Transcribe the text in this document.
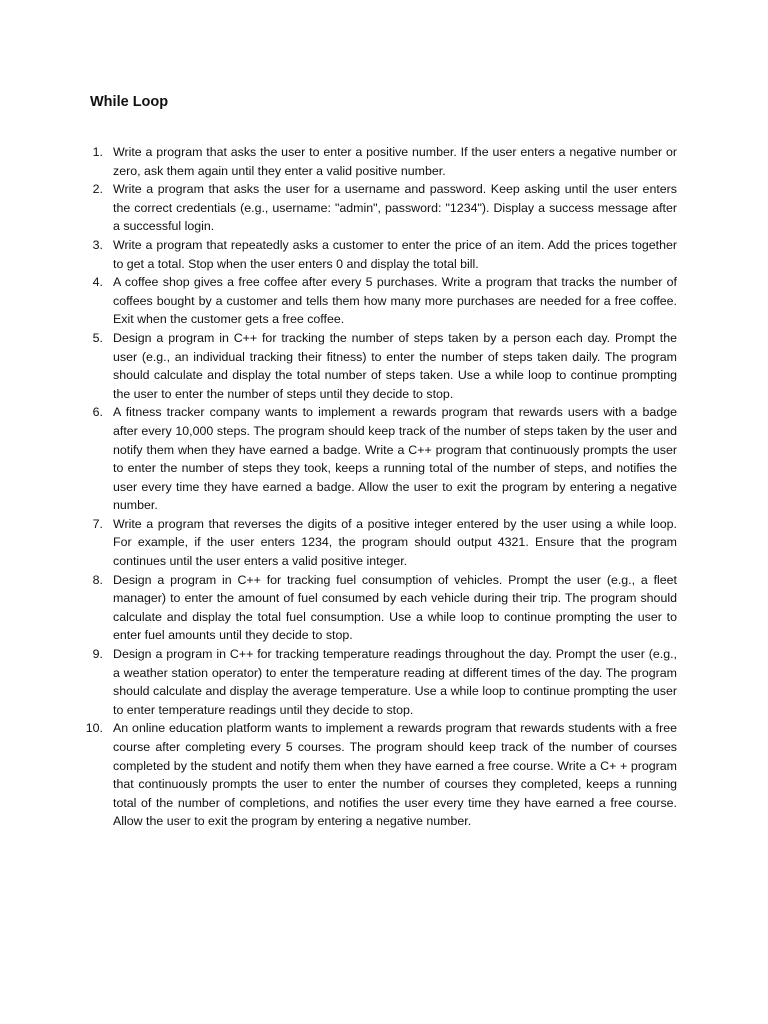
While Loop
1. Write a program that asks the user to enter a positive number. If the user enters a negative number or zero, ask them again until they enter a valid positive number.
2. Write a program that asks the user for a username and password. Keep asking until the user enters the correct credentials (e.g., username: "admin", password: "1234"). Display a success message after a successful login.
3. Write a program that repeatedly asks a customer to enter the price of an item. Add the prices together to get a total. Stop when the user enters 0 and display the total bill.
4. A coffee shop gives a free coffee after every 5 purchases. Write a program that tracks the number of coffees bought by a customer and tells them how many more purchases are needed for a free coffee. Exit when the customer gets a free coffee.
5. Design a program in C++ for tracking the number of steps taken by a person each day. Prompt the user (e.g., an individual tracking their fitness) to enter the number of steps taken daily. The program should calculate and display the total number of steps taken. Use a while loop to continue prompting the user to enter the number of steps until they decide to stop.
6. A fitness tracker company wants to implement a rewards program that rewards users with a badge after every 10,000 steps. The program should keep track of the number of steps taken by the user and notify them when they have earned a badge. Write a C++ program that continuously prompts the user to enter the number of steps they took, keeps a running total of the number of steps, and notifies the user every time they have earned a badge. Allow the user to exit the program by entering a negative number.
7. Write a program that reverses the digits of a positive integer entered by the user using a while loop. For example, if the user enters 1234, the program should output 4321. Ensure that the program continues until the user enters a valid positive integer.
8. Design a program in C++ for tracking fuel consumption of vehicles. Prompt the user (e.g., a fleet manager) to enter the amount of fuel consumed by each vehicle during their trip. The program should calculate and display the total fuel consumption. Use a while loop to continue prompting the user to enter fuel amounts until they decide to stop.
9. Design a program in C++ for tracking temperature readings throughout the day. Prompt the user (e.g., a weather station operator) to enter the temperature reading at different times of the day. The program should calculate and display the average temperature. Use a while loop to continue prompting the user to enter temperature readings until they decide to stop.
10. An online education platform wants to implement a rewards program that rewards students with a free course after completing every 5 courses. The program should keep track of the number of courses completed by the student and notify them when they have earned a free course. Write a C+ + program that continuously prompts the user to enter the number of courses they completed, keeps a running total of the number of completions, and notifies the user every time they have earned a free course. Allow the user to exit the program by entering a negative number.
